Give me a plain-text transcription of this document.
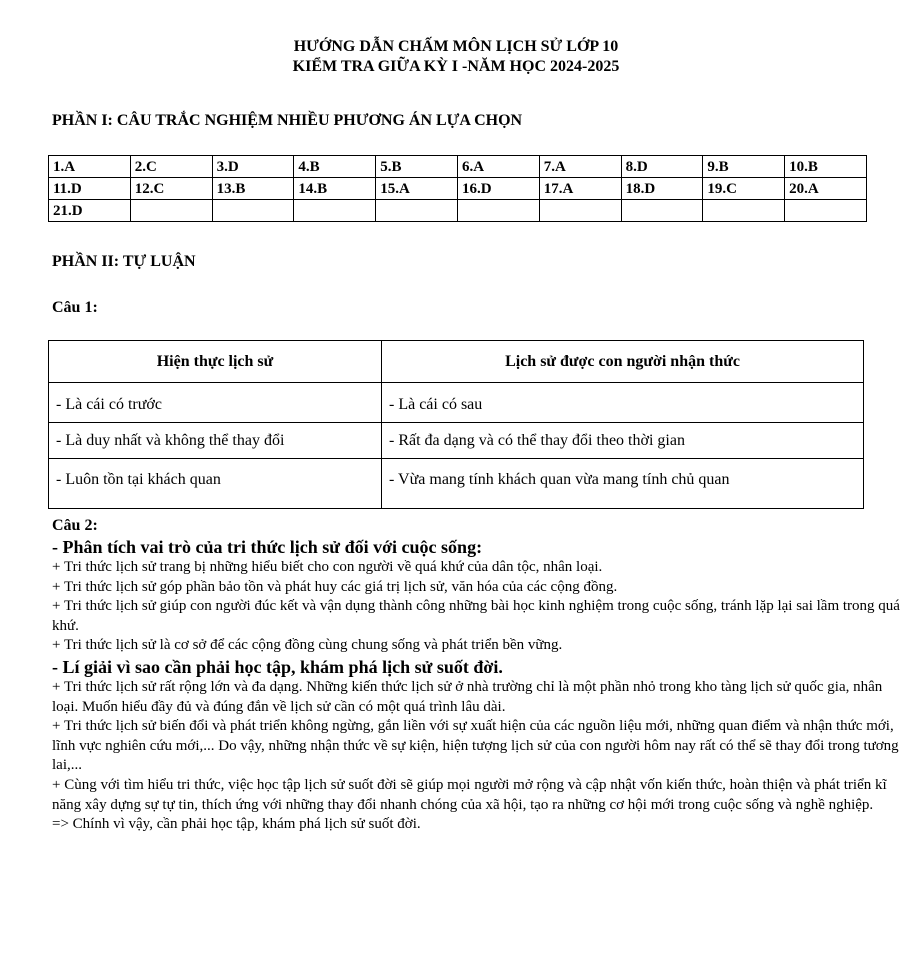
HƯỚNG DẪN CHẤM MÔN LỊCH SỬ LỚP 10
KIỂM TRA GIỮA KỲ I -NĂM HỌC 2024-2025
PHẦN I: CÂU TRẮC NGHIỆM NHIỀU PHƯƠNG ÁN LỰA CHỌN
1.A	2.C	3.D	4.B	5.B	6.A	7.A	8.D	9.B	10.B
11.D	12.C	13.B	14.B	15.A	16.D	17.A	18.D	19.C	20.A
21.D									
PHẦN II: TỰ LUẬN
Câu 1:
Hiện thực lịch sử	Lịch sử được con người nhận thức
- Là cái có trước	- Là cái có sau
- Là duy nhất và không thể thay đổi	- Rất đa dạng và có thể thay đổi theo thời gian
- Luôn tồn tại khách quan	- Vừa mang tính khách quan vừa mang tính chủ quan
Câu 2:
- Phân tích vai trò của tri thức lịch sử đối với cuộc sống:

+ Tri thức lịch sử trang bị những hiểu biết cho con người về quá khứ của dân tộc, nhân loại.

+ Tri thức lịch sử góp phần bảo tồn và phát huy các giá trị lịch sử, văn hóa của các cộng đồng.

+ Tri thức lịch sử giúp con người đúc kết và vận dụng thành công những bài học kinh nghiệm trong cuộc sống, tránh lặp lại sai lầm trong quá khứ.

+ Tri thức lịch sử là cơ sở để các cộng đồng cùng chung sống và phát triển bền vững.

- Lí giải vì sao cần phải học tập, khám phá lịch sử suốt đời.

+ Tri thức lịch sử rất rộng lớn và đa dạng. Những kiến thức lịch sử ở nhà trường chỉ là một phần nhỏ trong kho tàng lịch sử quốc gia, nhân loại. Muốn hiểu đầy đủ và đúng đắn về lịch sử cần có một quá trình lâu dài.

+ Tri thức lịch sử biến đổi và phát triển không ngừng, gắn liền với sự xuất hiện của các nguồn liệu mới, những quan điểm và nhận thức mới, lĩnh vực nghiên cứu mới,... Do vậy, những nhận thức về sự kiện, hiện tượng lịch sử của con người hôm nay rất có thể sẽ thay đổi trong tương lai,...

+ Cùng với tìm hiểu tri thức, việc học tập lịch sử suốt đời sẽ giúp mọi người mở rộng và cập nhật vốn kiến thức, hoàn thiện và phát triển kĩ năng xây dựng sự tự tin, thích ứng với những thay đổi nhanh chóng của xã hội, tạo ra những cơ hội mới trong cuộc sống và nghề nghiệp.

=> Chính vì vậy, cần phải học tập, khám phá lịch sử suốt đời.
